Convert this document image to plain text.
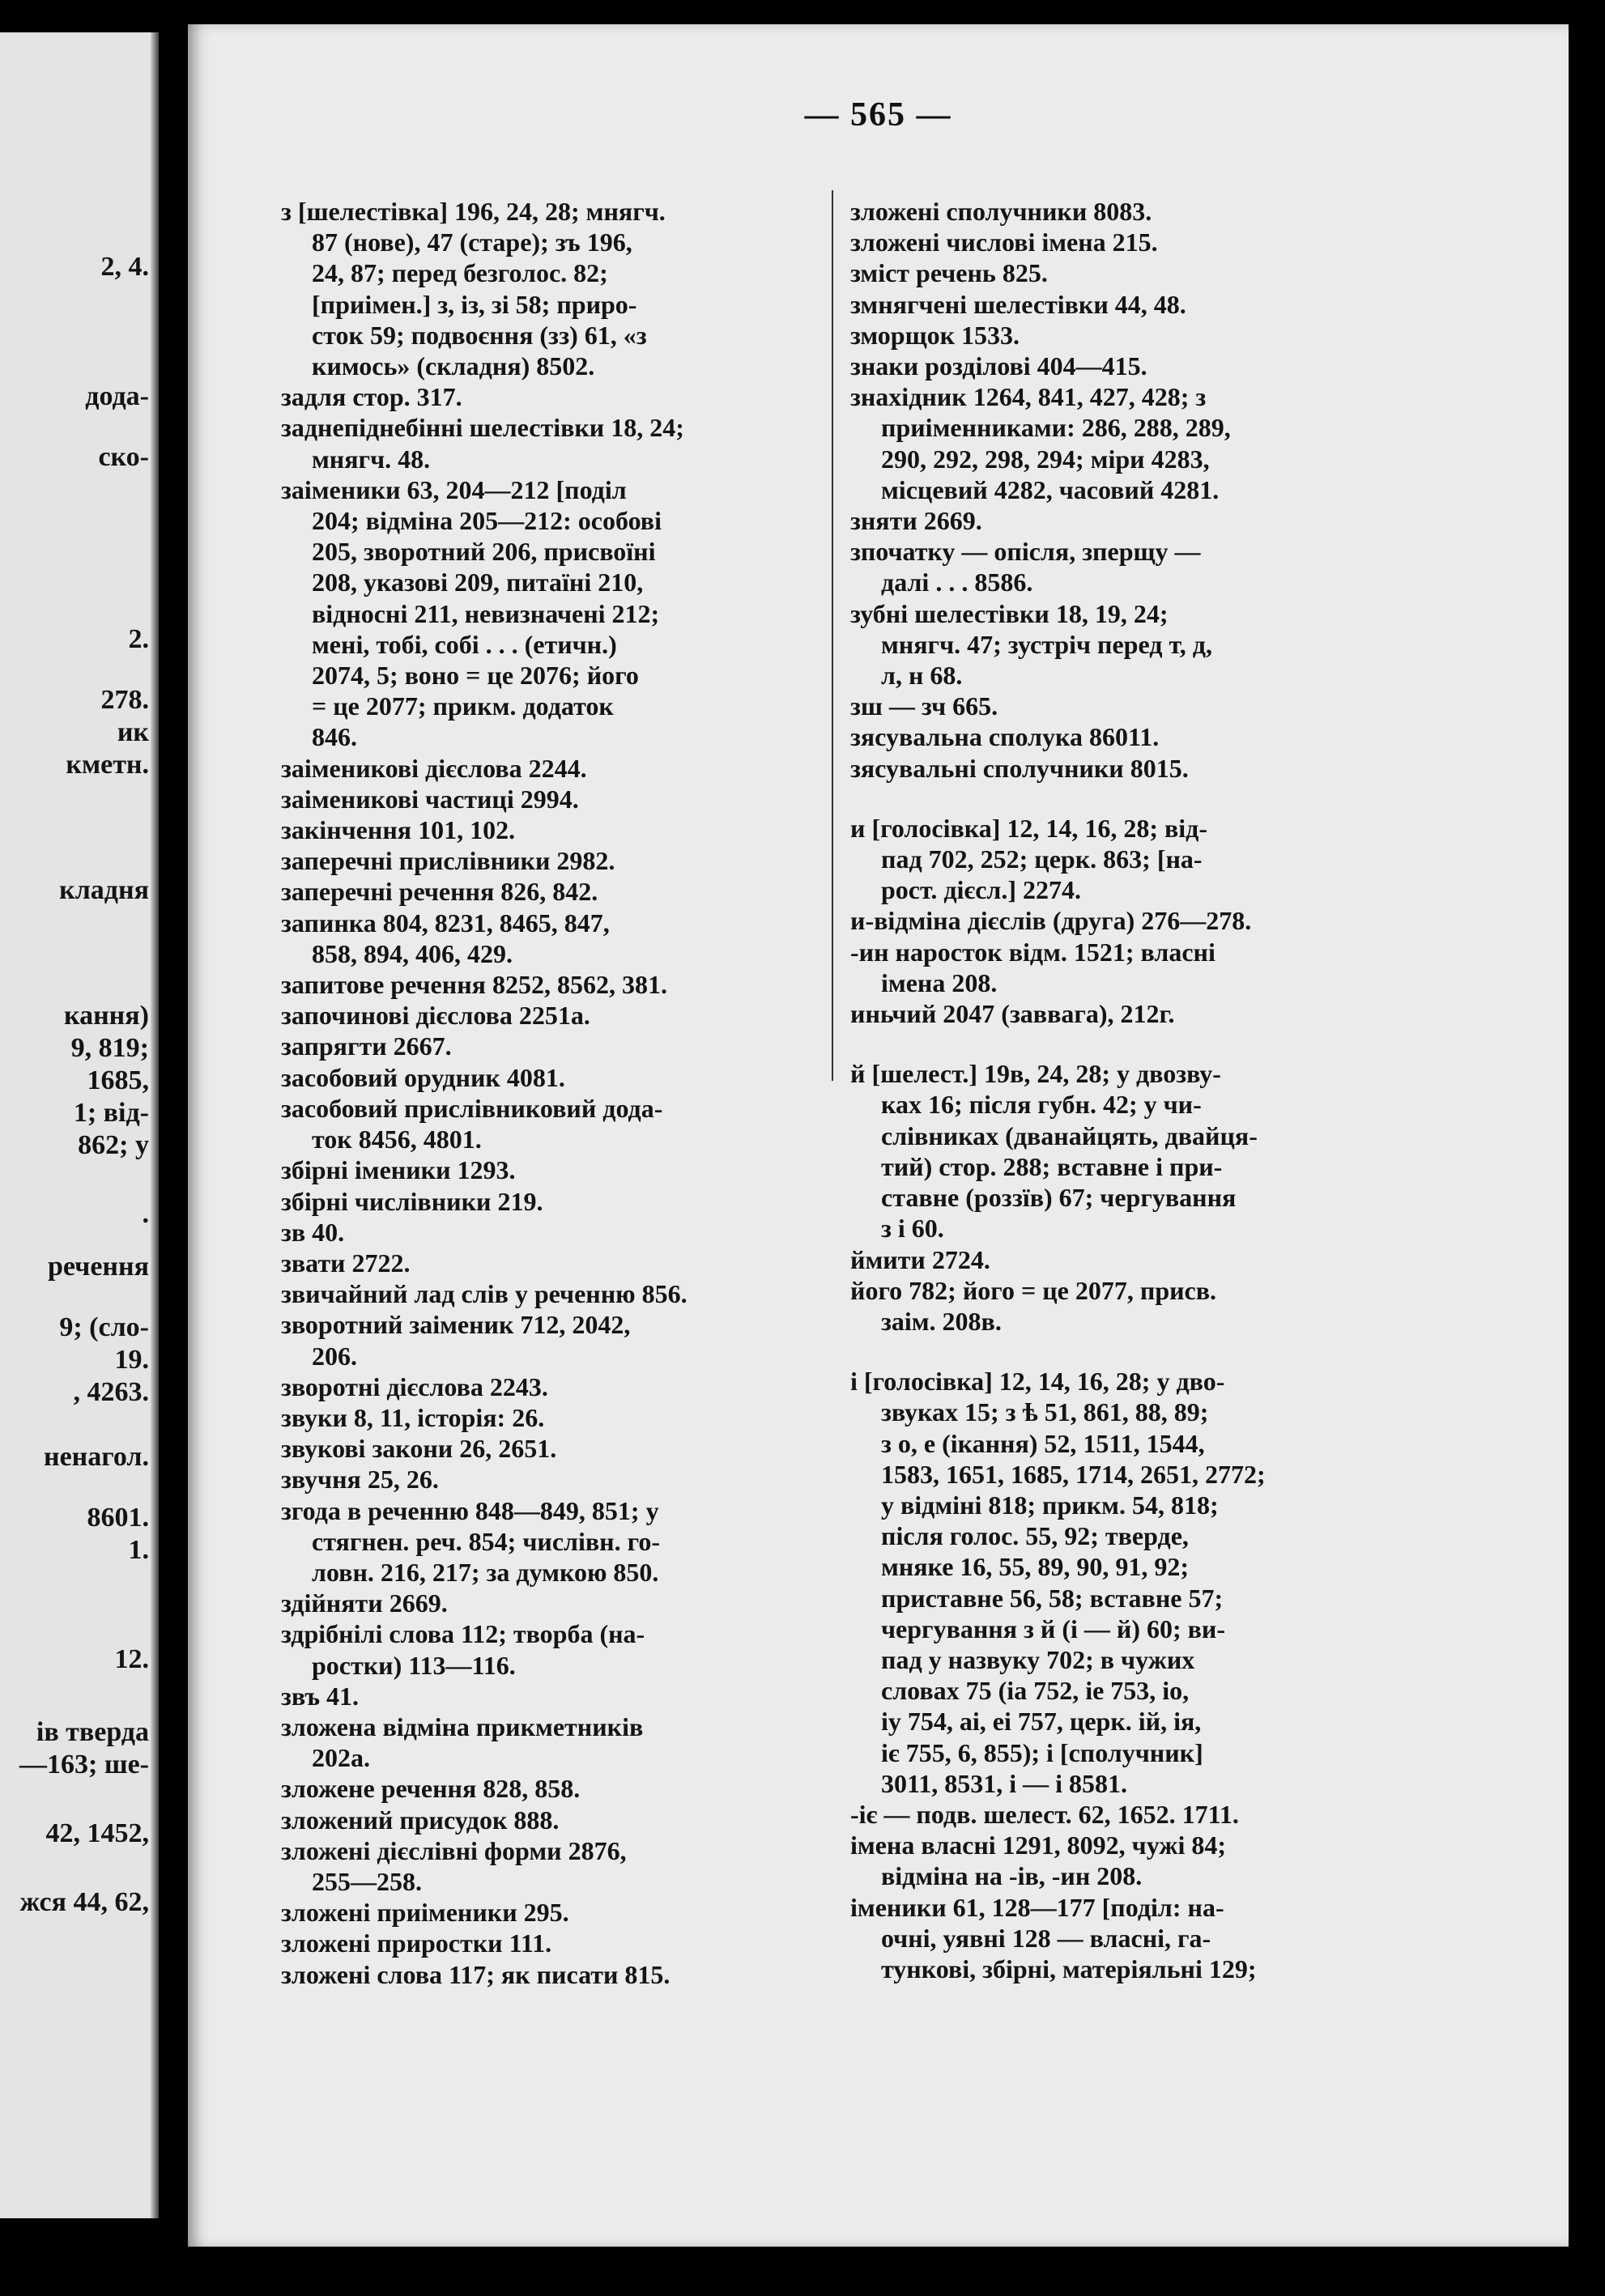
2, 4.
дода-
ско-
2.
278.
ик
кметн.
кладня
кання)
9, 819;
1685,
1; від-
862; у
.
речення
9; (сло-
19.
, 4263.
ненагол.
8601.
1.
12.
ів тверда
—163; ше-
42, 1452,
жся 44, 62,
— 565 —
з [шелестівка] 196, 24, 28; мнягч.
87 (нове), 47 (старе); зъ 196,
24, 87; перед безголос. 82;
[приімен.] з, із, зі 58; приро-
сток 59; подвоєння (зз) 61, «з
кимось» (складня) 8502.
задля стор. 317.
заднепіднебінні шелестівки 18, 24;
мнягч. 48.
заіменики 63, 204—212 [поділ
204; відміна 205—212: особові
205, зворотний 206, присвоїні
208, указові 209, питаїні 210,
відносні 211, невизначені 212;
мені, тобі, собі . . . (етичн.)
2074, 5; воно = це 2076; його
= це 2077; прикм. додаток
846.
заіменикові дієслова 2244.
заіменикові частиці 2994.
закінчення 101, 102.
заперечні прислівники 2982.
заперечні речення 826, 842.
запинка 804, 8231, 8465, 847,
858, 894, 406, 429.
запитове речення 8252, 8562, 381.
започинові дієслова 2251а.
запрягти 2667.
засобовий орудник 4081.
засобовий прислівниковий дода-
ток 8456, 4801.
збірні іменики 1293.
збірні числівники 219.
зв 40.
звати 2722.
звичайний лад слів у реченню 856.
зворотний заіменик 712, 2042,
206.
зворотні дієслова 2243.
звуки 8, 11, історія: 26.
звукові закони 26, 2651.
звучня 25, 26.
згода в реченню 848—849, 851; у
стягнен. реч. 854; числівн. го-
ловн. 216, 217; за думкою 850.
здійняти 2669.
здрібнілі слова 112; творба (на-
ростки) 113—116.
звъ 41.
зложена відміна прикметників
202а.
зложене речення 828, 858.
зложений присудок 888.
зложені дієслівні форми 2876,
255—258.
зложені приіменики 295.
зложені приростки 111.
зложені слова 117; як писати 815.
зложені сполучники 8083.
зложені числові імена 215.
зміст речень 825.
змнягчені шелестівки 44, 48.
зморщок 1533.
знаки розділові 404—415.
знахідник 1264, 841, 427, 428; з
приіменниками: 286, 288, 289,
290, 292, 298, 294; міри 4283,
місцевий 4282, часовий 4281.
зняти 2669.
зпочатку — опісля, зперщу —
далі . . . 8586.
зубні шелестівки 18, 19, 24;
мнягч. 47; зустріч перед т, д,
л, н 68.
зш — зч 665.
зясувальна сполука 86011.
зясувальні сполучники 8015.
и [голосівка] 12, 14, 16, 28; від-
пад 702, 252; церк. 863; [на-
рост. дієсл.] 2274.
и-відміна дієслів (друга) 276—278.
-ин наросток відм. 1521; власні
імена 208.
иньчий 2047 (заввага), 212г.
й [шелест.] 19в, 24, 28; у двозву-
ках 16; після губн. 42; у чи-
слівниках (дванайцять, двайця-
тий) стор. 288; вставне і при-
ставне (роззїв) 67; чергування
з і 60.
ймити 2724.
його 782; його = це 2077, присв.
заім. 208в.
і [голосівка] 12, 14, 16, 28; у дво-
звуках 15; з ѣ 51, 861, 88, 89;
з о, е (ікання) 52, 1511, 1544,
1583, 1651, 1685, 1714, 2651, 2772;
у відміні 818; прикм. 54, 818;
після голос. 55, 92; тверде,
мняке 16, 55, 89, 90, 91, 92;
приставне 56, 58; вставне 57;
чергування з й (і — й) 60; ви-
пад у назвуку 702; в чужих
словах 75 (іа 752, іе 753, іо,
іу 754, аі, еі 757, церк. ій, ія,
іє 755, 6, 855); і [сполучник]
3011, 8531, і — і 8581.
-іє — подв. шелест. 62, 1652. 1711.
імена власні 1291, 8092, чужі 84;
відміна на -ів, -ин 208.
іменики 61, 128—177 [поділ: на-
очні, уявні 128 — власні, га-
тункові, збірні, матеріяльні 129;
